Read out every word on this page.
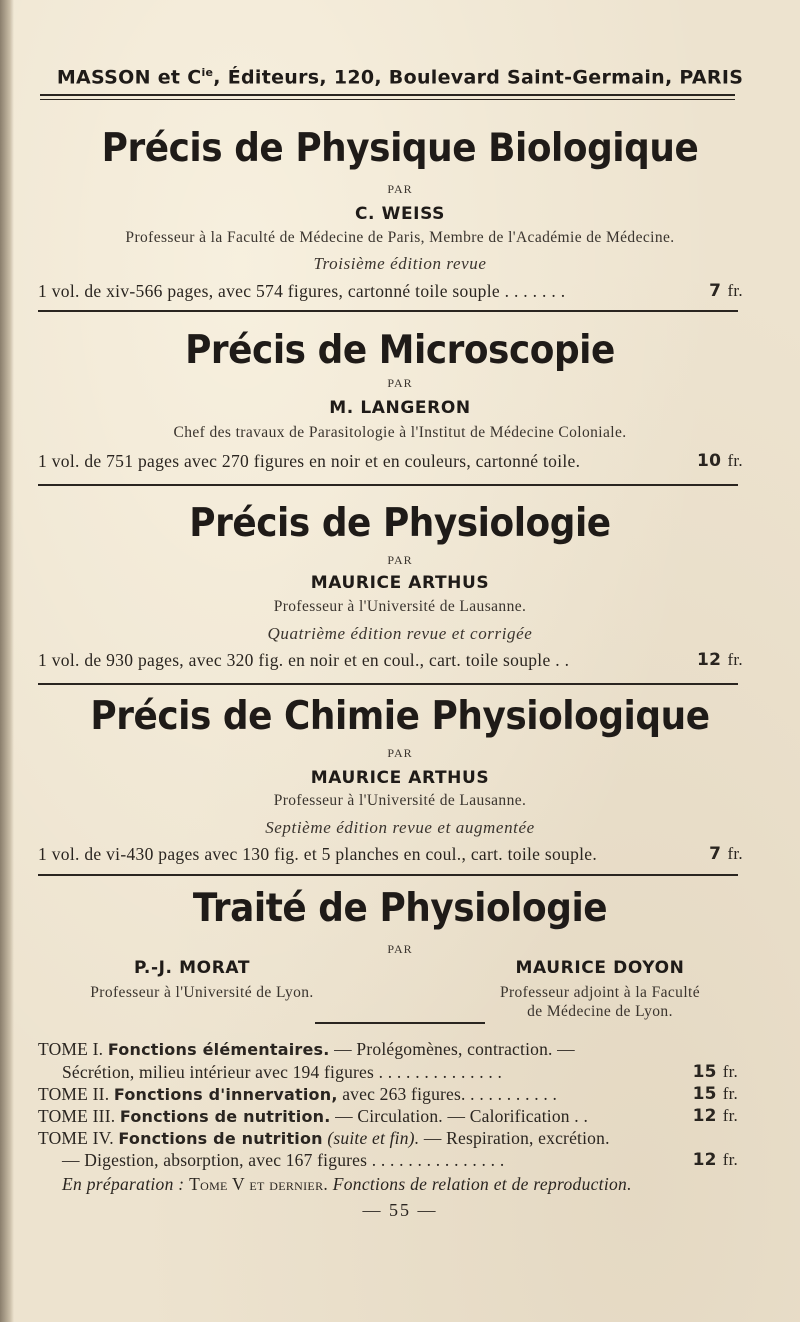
MASSON et $C^{ie}$, Éditeurs, 120, Boulevard Saint-Germain, PARIS
Précis de Physique Biologique
PAR
C. WEISS
Professeur à la Faculté de Médecine de Paris, Membre de l'Académie de Médecine.
Troisième édition revue
1 vol. de xiv-566 pages, avec 574 figures, cartonné toile souple . . . . . . .	7 fr.
Précis de Microscopie
PAR
M. LANGERON
Chef des travaux de Parasitologie à l'Institut de Médecine Coloniale.
1 vol. de 751 pages avec 270 figures en noir et en couleurs, cartonné toile.	10 fr.
Précis de Physiologie
PAR
MAURICE ARTHUS
Professeur à l'Université de Lausanne.
Quatrième édition revue et corrigée
1 vol. de 930 pages, avec 320 fig. en noir et en coul., cart. toile souple . .	12 fr.
Précis de Chimie Physiologique
PAR
MAURICE ARTHUS
Professeur à l'Université de Lausanne.
Septième édition revue et augmentée
1 vol. de vi-430 pages avec 130 fig. et 5 planches en coul., cart. toile souple.	7 fr.
Traité de Physiologie
PAR
P.-J. MORAT
Professeur à l'Université de Lyon.
MAURICE DOYON
Professeur adjoint à la Faculté
de Médecine de Lyon.
TOME I. Fonctions élémentaires. — Prolégomènes, contraction. —
Sécrétion, milieu intérieur avec 194 figures . . . . . . . . . . . . . .	15 fr.
TOME II. Fonctions d'innervation, avec 263 figures. . . . . . . . . . .	15 fr.
TOME III. Fonctions de nutrition. — Circulation. — Calorification . .	12 fr.
TOME IV. Fonctions de nutrition (suite et fin). — Respiration, excrétion.
— Digestion, absorption, avec 167 figures . . . . . . . . . . . . . . .	12 fr.
En préparation : Tome V et dernier. Fonctions de relation et de reproduction.
— 55 —
